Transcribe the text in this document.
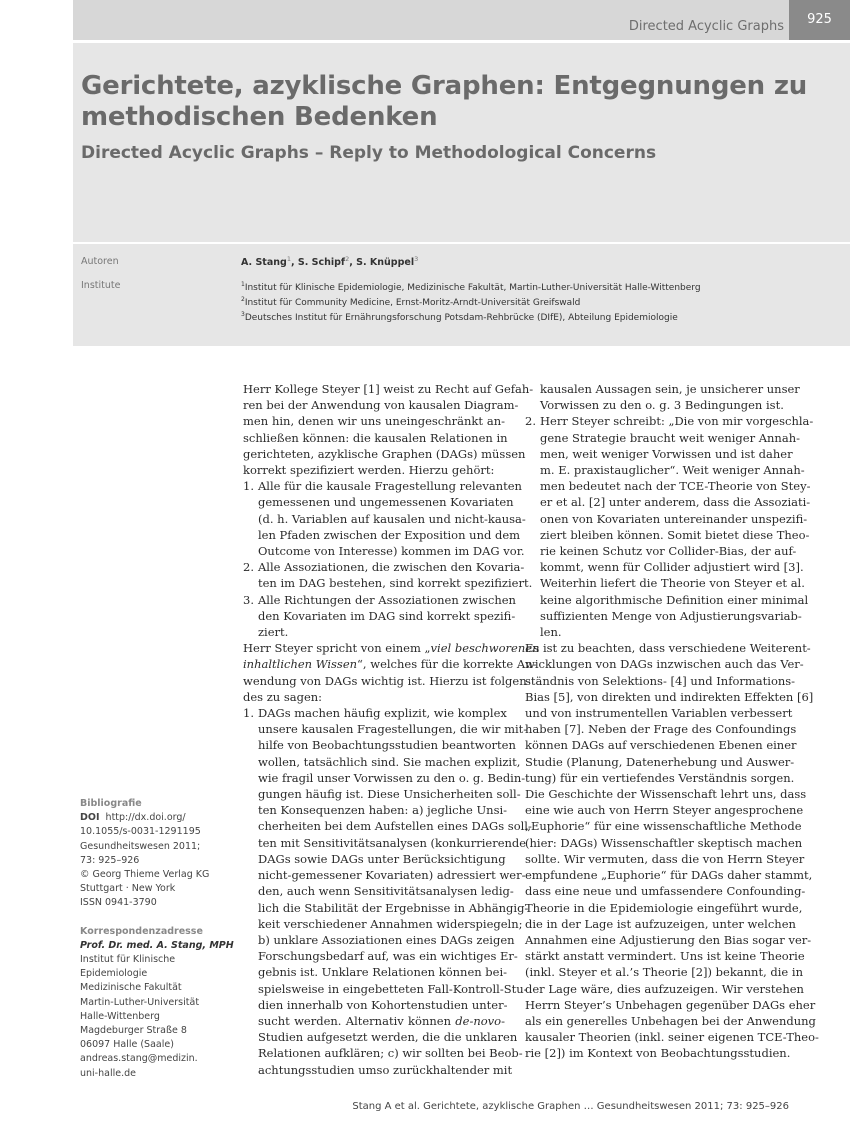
Directed Acyclic Graphs	925
Gerichtete, azyklische Graphen: Entgegnungen zu methodischen Bedenken
Directed Acyclic Graphs – Reply to Methodological Concerns
Autoren
Institute
A. Stang$^1$, S. Schipf$^2$, S. Knüppel$^3$
$^1$Institut für Klinische Epidemiologie, Medizinische Fakultät, Martin-Luther-Universität Halle-Wittenberg
$^2$Institut für Community Medicine, Ernst-Moritz-Arndt-Universität Greifswald
$^3$Deutsches Institut für Ernährungsforschung Potsdam-Rehbrücke (DIfE), Abteilung Epidemiologie
Bibliografie
DOI http://dx.doi.org/
10.1055/s-0031-1291195
Gesundheitswesen 2011;
73: 925–926
© Georg Thieme Verlag KG
Stuttgart · New York
ISSN 0941-3790
Korrespondenzadresse
Prof. Dr. med. A. Stang, MPH
Institut für Klinische
Epidemiologie
Medizinische Fakultät
Martin-Luther-Universität
Halle-Wittenberg
Magdeburger Straße 8
06097 Halle (Saale)
andreas.stang@medizin.
uni-halle.de
Herr Kollege Steyer [1] weist zu Recht auf Gefah-
ren bei der Anwendung von kausalen Diagram-
men hin, denen wir uns uneingeschränkt an-
schließen können: die kausalen Relationen in
gerichteten, azyklische Graphen (DAGs) müssen
korrekt spezifiziert werden. Hierzu gehört:
1. Alle für die kausale Fragestellung relevanten
gemessenen und ungemessenen Kovariaten
(d. h. Variablen auf kausalen und nicht-kausa-
len Pfaden zwischen der Exposition und dem
Outcome von Interesse) kommen im DAG vor.
2. Alle Assoziationen, die zwischen den Kovaria-
ten im DAG bestehen, sind korrekt spezifiziert.
3. Alle Richtungen der Assoziationen zwischen
den Kovariaten im DAG sind korrekt spezifi-
ziert.
Herr Steyer spricht von einem „viel beschworenen
inhaltlichen Wissen“, welches für die korrekte An-
wendung von DAGs wichtig ist. Hierzu ist folgen-
des zu sagen:
1. DAGs machen häufig explizit, wie komplex
unsere kausalen Fragestellungen, die wir mit-
hilfe von Beobachtungsstudien beantworten
wollen, tatsächlich sind. Sie machen explizit,
wie fragil unser Vorwissen zu den o. g. Bedin-
gungen häufig ist. Diese Unsicherheiten soll-
ten Konsequenzen haben: a) jegliche Unsi-
cherheiten bei dem Aufstellen eines DAGs soll-
ten mit Sensitivitätsanalysen (konkurrierende
DAGs sowie DAGs unter Berücksichtigung
nicht-gemessener Kovariaten) adressiert wer-
den, auch wenn Sensitivitätsanalysen ledig-
lich die Stabilität der Ergebnisse in Abhängig-
keit verschiedener Annahmen widerspiegeln;
b) unklare Assoziationen eines DAGs zeigen
Forschungsbedarf auf, was ein wichtiges Er-
gebnis ist. Unklare Relationen können bei-
spielsweise in eingebetteten Fall-Kontroll-Stu-
dien innerhalb von Kohortenstudien unter-
sucht werden. Alternativ können de-novo-
Studien aufgesetzt werden, die die unklaren
Relationen aufklären; c) wir sollten bei Beob-
achtungsstudien umso zurückhaltender mit
kausalen Aussagen sein, je unsicherer unser
Vorwissen zu den o. g. 3 Bedingungen ist.
2. Herr Steyer schreibt: „Die von mir vorgeschla-
gene Strategie braucht weit weniger Annah-
men, weit weniger Vorwissen und ist daher
m. E. praxistauglicher“. Weit weniger Annah-
men bedeutet nach der TCE-Theorie von Stey-
er et al. [2] unter anderem, dass die Assoziati-
onen von Kovariaten untereinander unspezifi-
ziert bleiben können. Somit bietet diese Theo-
rie keinen Schutz vor Collider-Bias, der auf-
kommt, wenn für Collider adjustiert wird [3].
Weiterhin liefert die Theorie von Steyer et al.
keine algorithmische Definition einer minimal
suffizienten Menge von Adjustierungsvariab-
len.
Es ist zu beachten, dass verschiedene Weiterent-
wicklungen von DAGs inzwischen auch das Ver-
ständnis von Selektions- [4] und Informations-
Bias [5], von direkten und indirekten Effekten [6]
und von instrumentellen Variablen verbessert
haben [7]. Neben der Frage des Confoundings
können DAGs auf verschiedenen Ebenen einer
Studie (Planung, Datenerhebung und Auswer-
tung) für ein vertiefendes Verständnis sorgen.
Die Geschichte der Wissenschaft lehrt uns, dass
eine wie auch von Herrn Steyer angesprochene
„Euphorie“ für eine wissenschaftliche Methode
(hier: DAGs) Wissenschaftler skeptisch machen
sollte. Wir vermuten, dass die von Herrn Steyer
empfundene „Euphorie“ für DAGs daher stammt,
dass eine neue und umfassendere Confounding-
Theorie in die Epidemiologie eingeführt wurde,
die in der Lage ist aufzuzeigen, unter welchen
Annahmen eine Adjustierung den Bias sogar ver-
stärkt anstatt vermindert. Uns ist keine Theorie
(inkl. Steyer et al.’s Theorie [2]) bekannt, die in
der Lage wäre, dies aufzuzeigen. Wir verstehen
Herrn Steyer’s Unbehagen gegenüber DAGs eher
als ein generelles Unbehagen bei der Anwendung
kausaler Theorien (inkl. seiner eigenen TCE-Theo-
rie [2]) im Kontext von Beobachtungsstudien.
Stang A et al. Gerichtete, azyklische Graphen … Gesundheitswesen 2011; 73: 925–926
